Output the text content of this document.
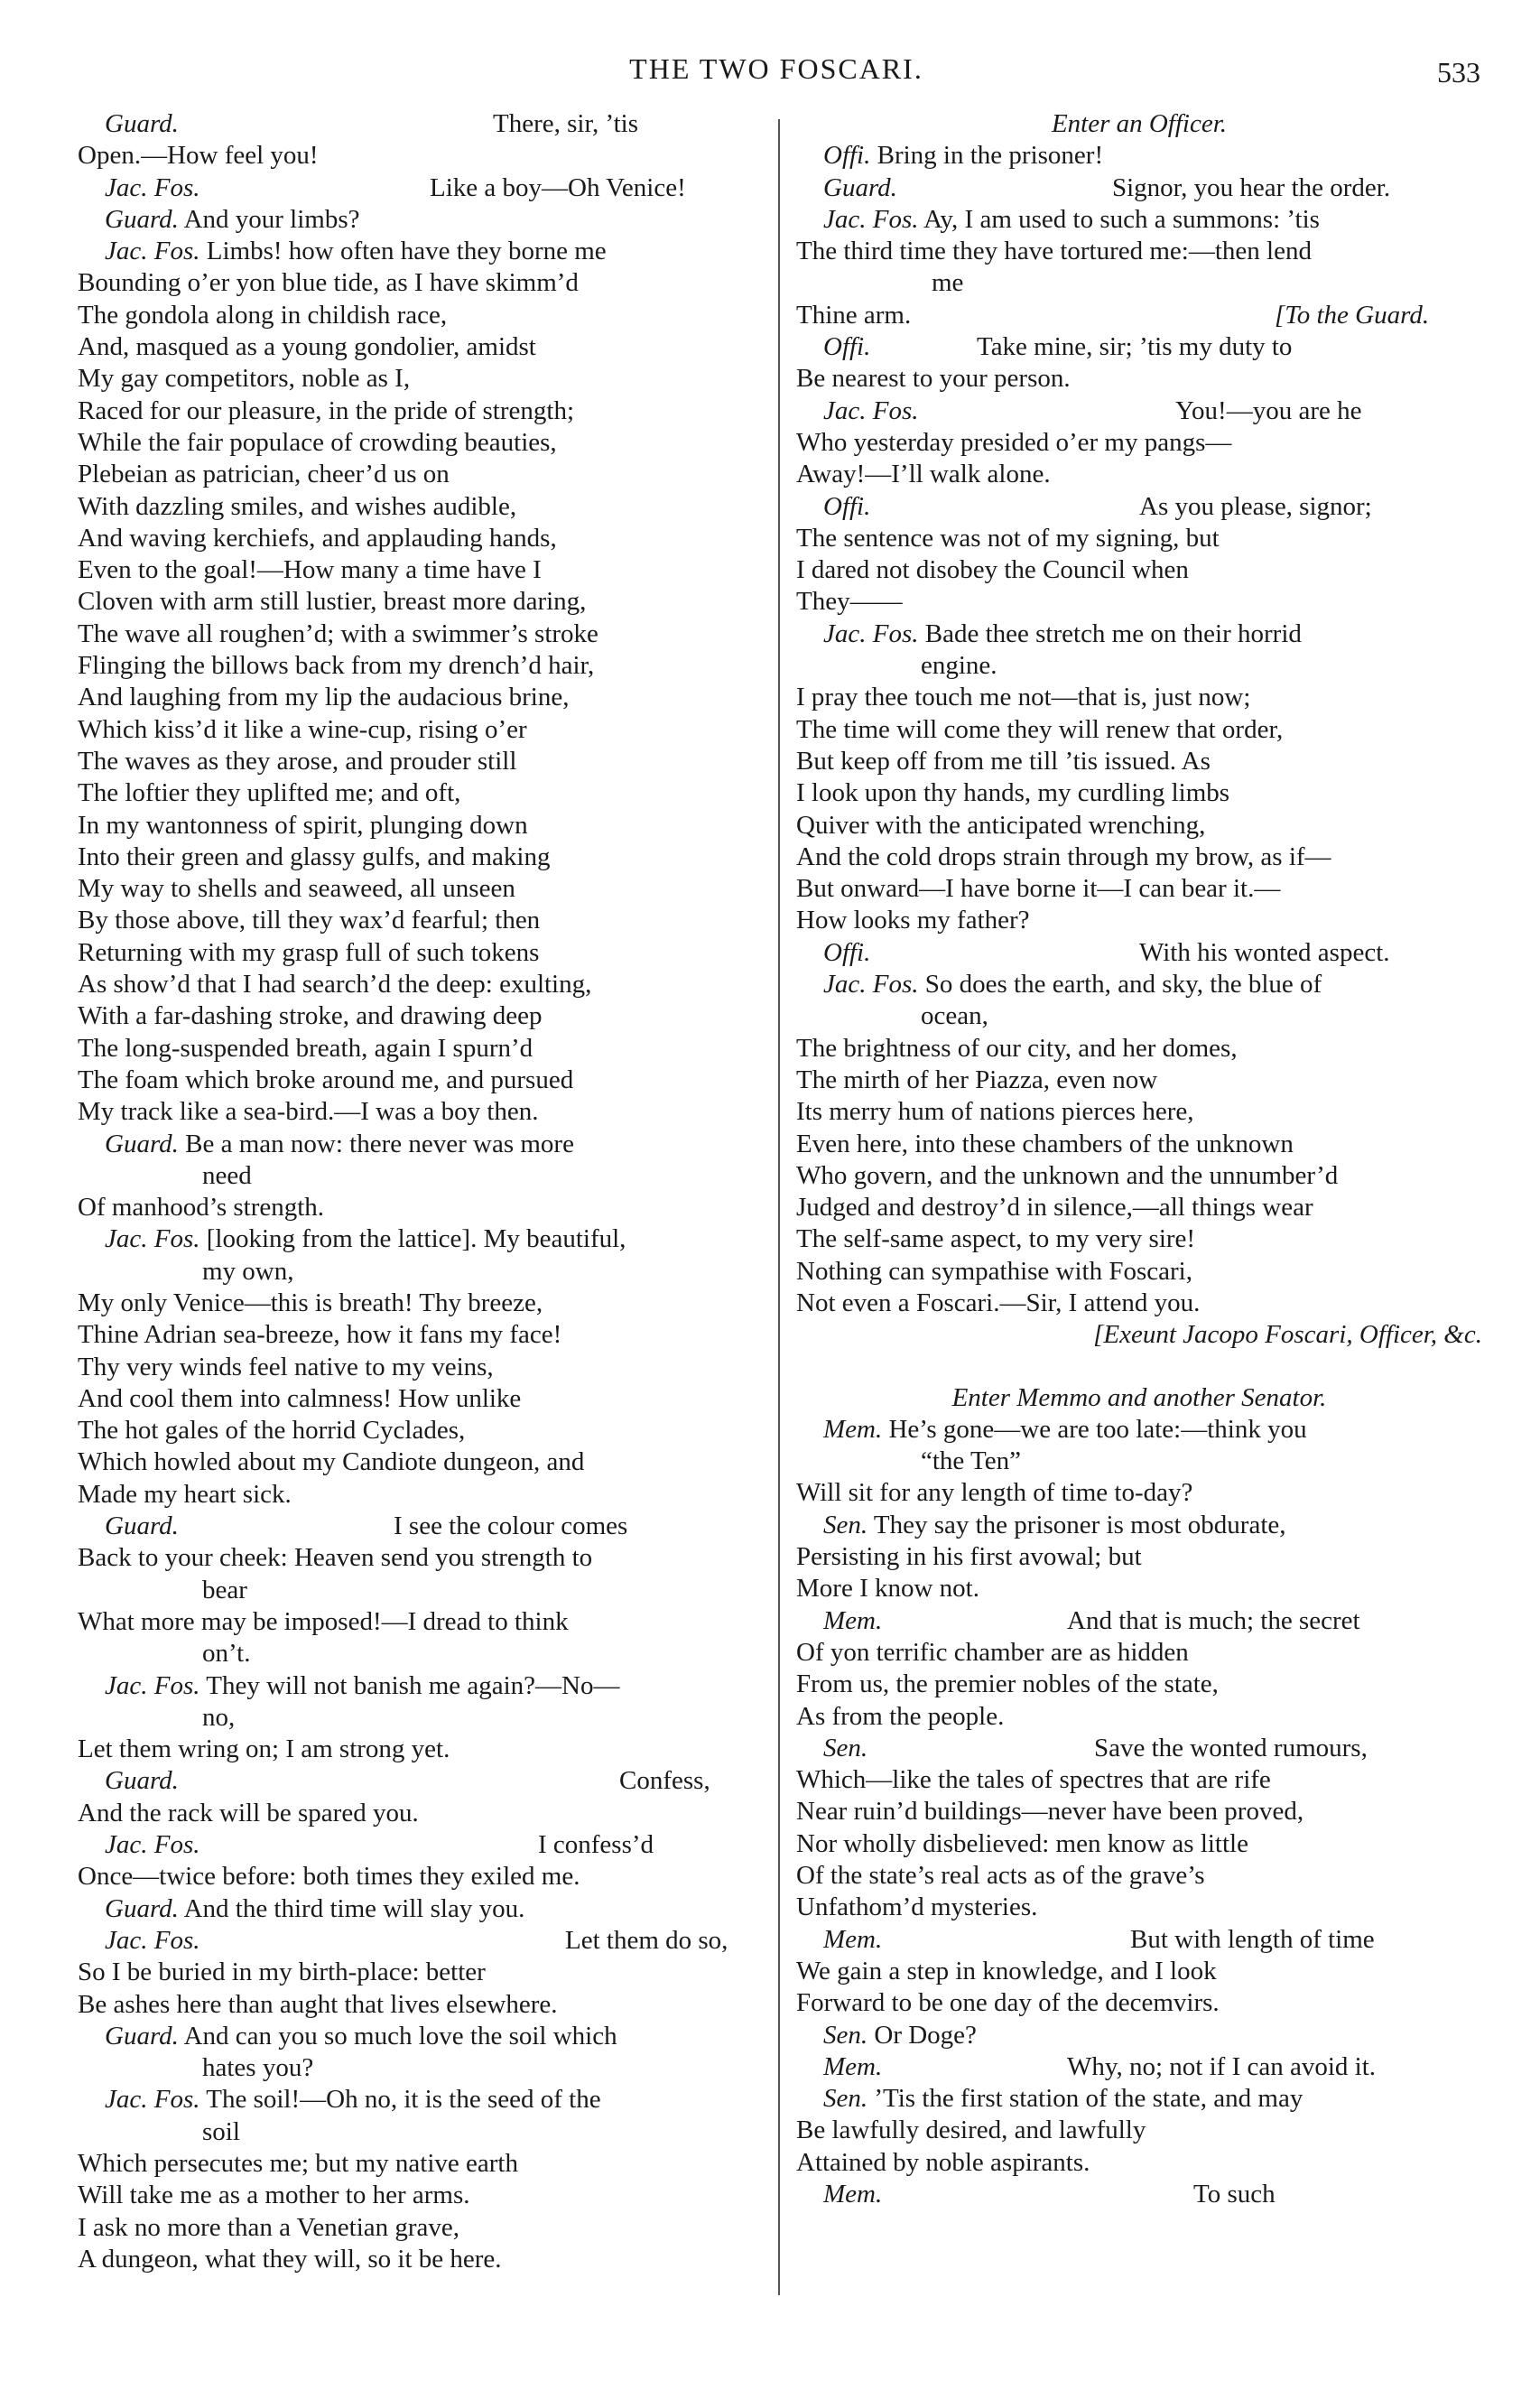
THE TWO FOSCARI.	533
Guard.	There, sir, ’tis
Open.—How feel you!
Jac. Fos.	Like a boy—Oh Venice!
Guard. And your limbs?
Jac. Fos. Limbs! how often have they borne me
Bounding o’er yon blue tide, as I have skimm’d
The gondola along in childish race,
And, masqued as a young gondolier, amidst
My gay competitors, noble as I,
Raced for our pleasure, in the pride of strength;
While the fair populace of crowding beauties,
Plebeian as patrician, cheer’d us on
With dazzling smiles, and wishes audible,
And waving kerchiefs, and applauding hands,
Even to the goal!—How many a time have I
Cloven with arm still lustier, breast more daring,
The wave all roughen’d; with a swimmer’s stroke
Flinging the billows back from my drench’d hair,
And laughing from my lip the audacious brine,
Which kiss’d it like a wine-cup, rising o’er
The waves as they arose, and prouder still
The loftier they uplifted me; and oft,
In my wantonness of spirit, plunging down
Into their green and glassy gulfs, and making
My way to shells and seaweed, all unseen
By those above, till they wax’d fearful; then
Returning with my grasp full of such tokens
As show’d that I had search’d the deep: exulting,
With a far-dashing stroke, and drawing deep
The long-suspended breath, again I spurn’d
The foam which broke around me, and pursued
My track like a sea-bird.—I was a boy then.
Guard. Be a man now: there never was more
need
Of manhood’s strength.
Jac. Fos. [looking from the lattice]. My beautiful,
my own,
My only Venice—this is breath! Thy breeze,
Thine Adrian sea-breeze, how it fans my face!
Thy very winds feel native to my veins,
And cool them into calmness! How unlike
The hot gales of the horrid Cyclades,
Which howled about my Candiote dungeon, and
Made my heart sick.
Guard.	I see the colour comes
Back to your cheek: Heaven send you strength to
bear
What more may be imposed!—I dread to think
on’t.
Jac. Fos. They will not banish me again?—No—
no,
Let them wring on; I am strong yet.
Guard.	Confess,
And the rack will be spared you.
Jac. Fos.	I confess’d
Once—twice before: both times they exiled me.
Guard. And the third time will slay you.
Jac. Fos.	Let them do so,
So I be buried in my birth-place: better
Be ashes here than aught that lives elsewhere.
Guard. And can you so much love the soil which
hates you?
Jac. Fos. The soil!—Oh no, it is the seed of the
soil
Which persecutes me; but my native earth
Will take me as a mother to her arms.
I ask no more than a Venetian grave,
A dungeon, what they will, so it be here.
Enter an Officer.
Offi. Bring in the prisoner!
Guard.	Signor, you hear the order.
Jac. Fos. Ay, I am used to such a summons: ’tis
The third time they have tortured me:—then lend
me
Thine arm.	[To the Guard.
Offi.	Take mine, sir; ’tis my duty to
Be nearest to your person.
Jac. Fos.	You!—you are he
Who yesterday presided o’er my pangs—
Away!—I’ll walk alone.
Offi.	As you please, signor;
The sentence was not of my signing, but
I dared not disobey the Council when
They——
Jac. Fos. Bade thee stretch me on their horrid
engine.
I pray thee touch me not—that is, just now;
The time will come they will renew that order,
But keep off from me till ’tis issued. As
I look upon thy hands, my curdling limbs
Quiver with the anticipated wrenching,
And the cold drops strain through my brow, as if—
But onward—I have borne it—I can bear it.—
How looks my father?
Offi.	With his wonted aspect.
Jac. Fos. So does the earth, and sky, the blue of
ocean,
The brightness of our city, and her domes,
The mirth of her Piazza, even now
Its merry hum of nations pierces here,
Even here, into these chambers of the unknown
Who govern, and the unknown and the unnumber’d
Judged and destroy’d in silence,—all things wear
The self-same aspect, to my very sire!
Nothing can sympathise with Foscari,
Not even a Foscari.—Sir, I attend you.
[Exeunt Jacopo Foscari, Officer, &c.
Enter Memmo and another Senator.
Mem. He’s gone—we are too late:—think you
“the Ten”
Will sit for any length of time to-day?
Sen. They say the prisoner is most obdurate,
Persisting in his first avowal; but
More I know not.
Mem.	And that is much; the secret
Of yon terrific chamber are as hidden
From us, the premier nobles of the state,
As from the people.
Sen.	Save the wonted rumours,
Which—like the tales of spectres that are rife
Near ruin’d buildings—never have been proved,
Nor wholly disbelieved: men know as little
Of the state’s real acts as of the grave’s
Unfathom’d mysteries.
Mem.	But with length of time
We gain a step in knowledge, and I look
Forward to be one day of the decemvirs.
Sen. Or Doge?
Mem.	Why, no; not if I can avoid it.
Sen. ’Tis the first station of the state, and may
Be lawfully desired, and lawfully
Attained by noble aspirants.
Mem.	To such
